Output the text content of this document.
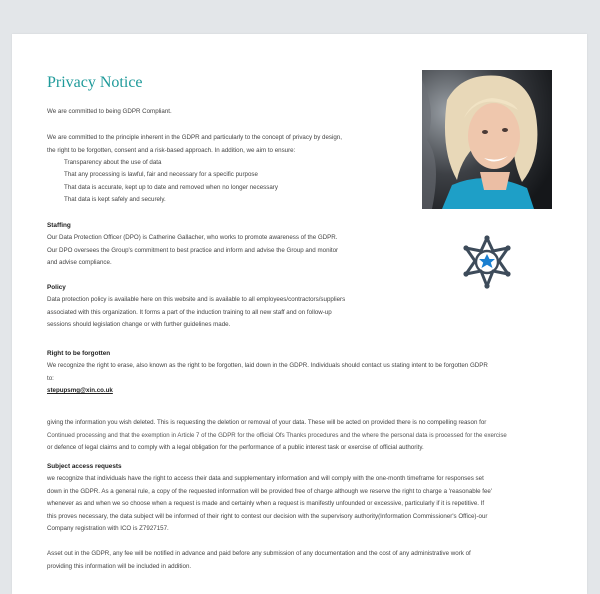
Privacy Notice

We are committed to being GDPR Compliant.

We are committed to the principle inherent in the GDPR and particularly to the concept of privacy by design,

the right to be forgotten, consent and a risk-based approach. In addition, we aim to ensure:

Transparency about the use of data
That any processing is lawful, fair and necessary for a specific purpose
That data is accurate, kept up to date and removed when no longer necessary
That data is kept safely and securely.
Staffing

Our Data Protection Officer (DPO) is Catherine Gallacher, who works to promote awareness of the GDPR.

Our DPO oversees the Group's commitment to best practice and inform and advise the Group and monitor

and advise compliance.

Policy

Data protection policy is available here on this website and is available to all employees/contractors/suppliers

associated with this organization. It forms a part of the induction training to all new staff and on follow-up

sessions should legislation change or with further guidelines made.

Right to be forgotten

We recognize the right to erase, also known as the right to be forgotten, laid down in the GDPR. Individuals should contact us stating intent to be forgotten GDPR

to:

stepupsmg@xin.co.uk

giving the information you wish deleted. This is requesting the deletion or removal of your data. These will be acted on provided there is no compelling reason for

Continued processing and that the exemption in Article 7 of the GDPR for the official Ofs Thanks procedures and the where the personal data is processed for the exercise

or defence of legal claims and to comply with a legal obligation for the performance of a public interest task or exercise of official authority.

Subject access requests

we recognize that individuals have the right to access their data and supplementary information and will comply with the one-month timeframe for responses set

down in the GDPR. As a general rule, a copy of the requested information will be provided free of charge although we reserve the right to charge a 'reasonable fee'

whenever as and when we so choose when a request is made and certainly when a request is manifestly unfounded or excessive, particularly if it is repetitive. If

this proves necessary, the data subject will be informed of their right to contest our decision with the supervisory authority(Information Commissioner's Office)-our

Company registration with ICO is Z7927157.

Asset out in the GDPR, any fee will be notified in advance and paid before any submission of any documentation and the cost of any administrative work of

providing this information will be included in addition.
